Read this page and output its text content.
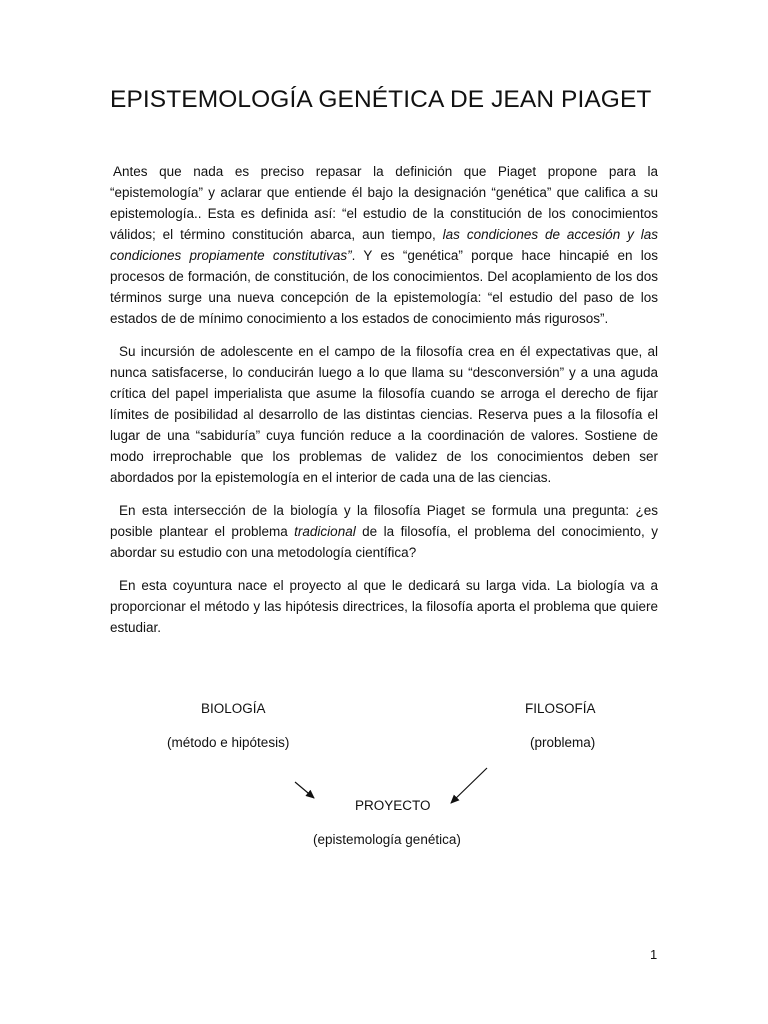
EPISTEMOLOGÍA GENÉTICA DE JEAN PIAGET

Antes que nada es preciso repasar la definición que Piaget propone para la “epistemología” y aclarar que entiende él bajo la designación “genética” que califica a su epistemología.. Esta es definida así: “el estudio de la constitución de los conocimientos válidos; el término constitución abarca, aun tiempo, las condiciones de accesión y las condiciones propiamente constitutivas”. Y es “genética” porque hace hincapié en los procesos de formación, de constitución, de los conocimientos. Del acoplamiento de los dos términos surge una nueva concepción de la epistemología: “el estudio del paso de los estados de de mínimo conocimiento a los estados de conocimiento más rigurosos”.

Su incursión de adolescente en el campo de la filosofía crea en él expectativas que, al nunca satisfacerse, lo conducirán luego a lo que llama su “desconversión” y a una aguda crítica del papel imperialista que asume la filosofía cuando se arroga el derecho de fijar límites de posibilidad al desarrollo de las distintas ciencias. Reserva pues a la filosofía el lugar de una “sabiduría” cuya función reduce a la coordinación de valores. Sostiene de modo irreprochable que los problemas de validez de los conocimientos deben ser abordados por la epistemología en el interior de cada una de las ciencias.

En esta intersección de la biología y la filosofía Piaget se formula una pregunta: ¿es posible plantear el problema tradicional de la filosofía, el problema del conocimiento, y abordar su estudio con una metodología científica?

En esta coyuntura nace el proyecto al que le dedicará su larga vida. La biología va a proporcionar el método y las hipótesis directrices, la filosofía aporta el problema que quiere estudiar.

BIOLOGÍA
(método e hipótesis)
FILOSOFÍA
(problema)
PROYECTO
(epistemología genética)
1
